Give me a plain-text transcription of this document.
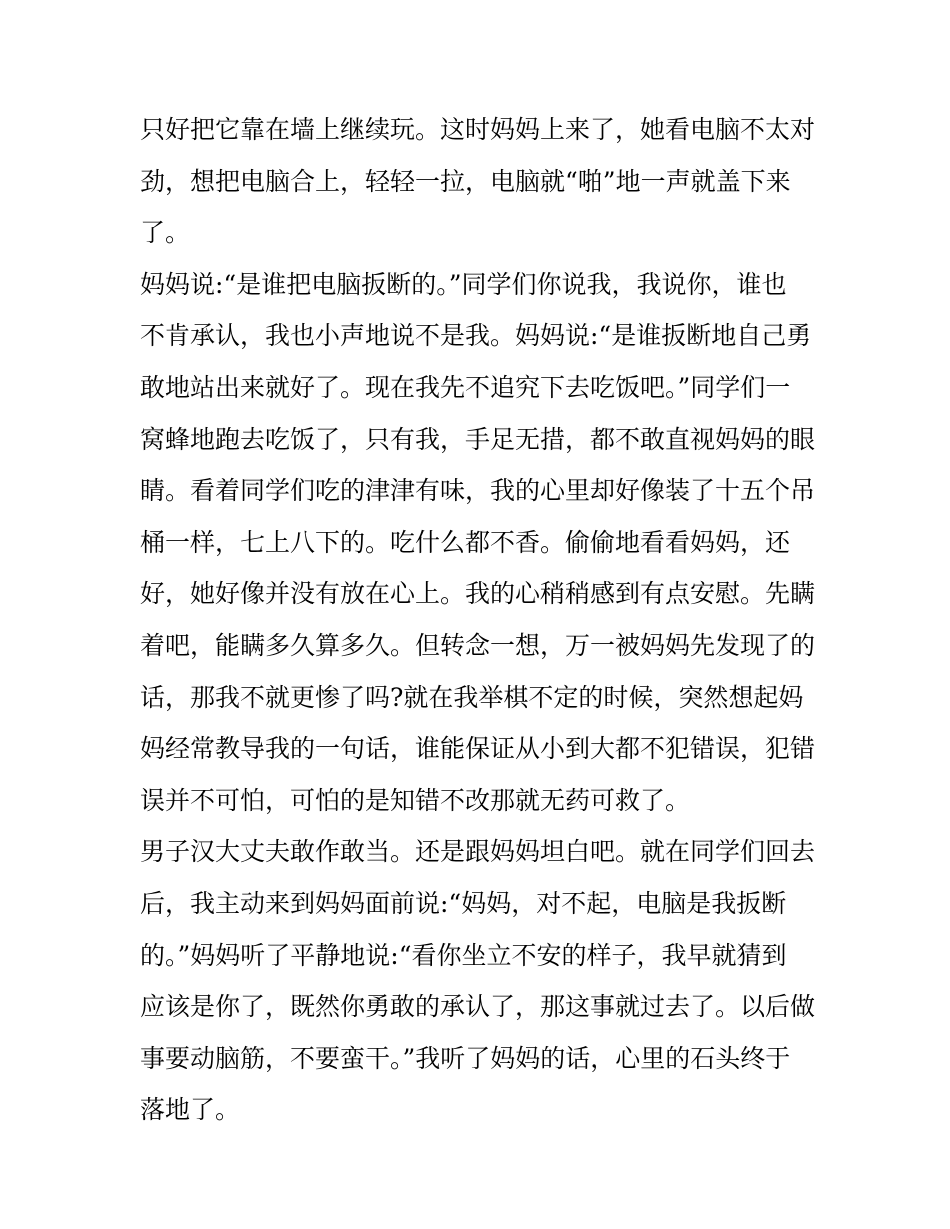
只好把它靠在墙上继续玩。这时妈妈上来了，她看电脑不太对
劲，想把电脑合上，轻轻一拉，电脑就“啪”地一声就盖下来
了。
妈妈说:“是谁把电脑扳断的。”同学们你说我，我说你，谁也
不肯承认，我也小声地说不是我。妈妈说:“是谁扳断地自己勇
敢地站出来就好了。现在我先不追究下去吃饭吧。”同学们一
窝蜂地跑去吃饭了，只有我，手足无措，都不敢直视妈妈的眼
睛。看着同学们吃的津津有味，我的心里却好像装了十五个吊
桶一样，七上八下的。吃什么都不香。偷偷地看看妈妈，还
好，她好像并没有放在心上。我的心稍稍感到有点安慰。先瞒
着吧，能瞒多久算多久。但转念一想，万一被妈妈先发现了的
话，那我不就更惨了吗?就在我举棋不定的时候，突然想起妈
妈经常教导我的一句话，谁能保证从小到大都不犯错误，犯错
误并不可怕，可怕的是知错不改那就无药可救了。
男子汉大丈夫敢作敢当。还是跟妈妈坦白吧。就在同学们回去
后，我主动来到妈妈面前说:“妈妈，对不起，电脑是我扳断
的。”妈妈听了平静地说:“看你坐立不安的样子，我早就猜到
应该是你了，既然你勇敢的承认了，那这事就过去了。以后做
事要动脑筋，不要蛮干。”我听了妈妈的话，心里的石头终于
落地了。
